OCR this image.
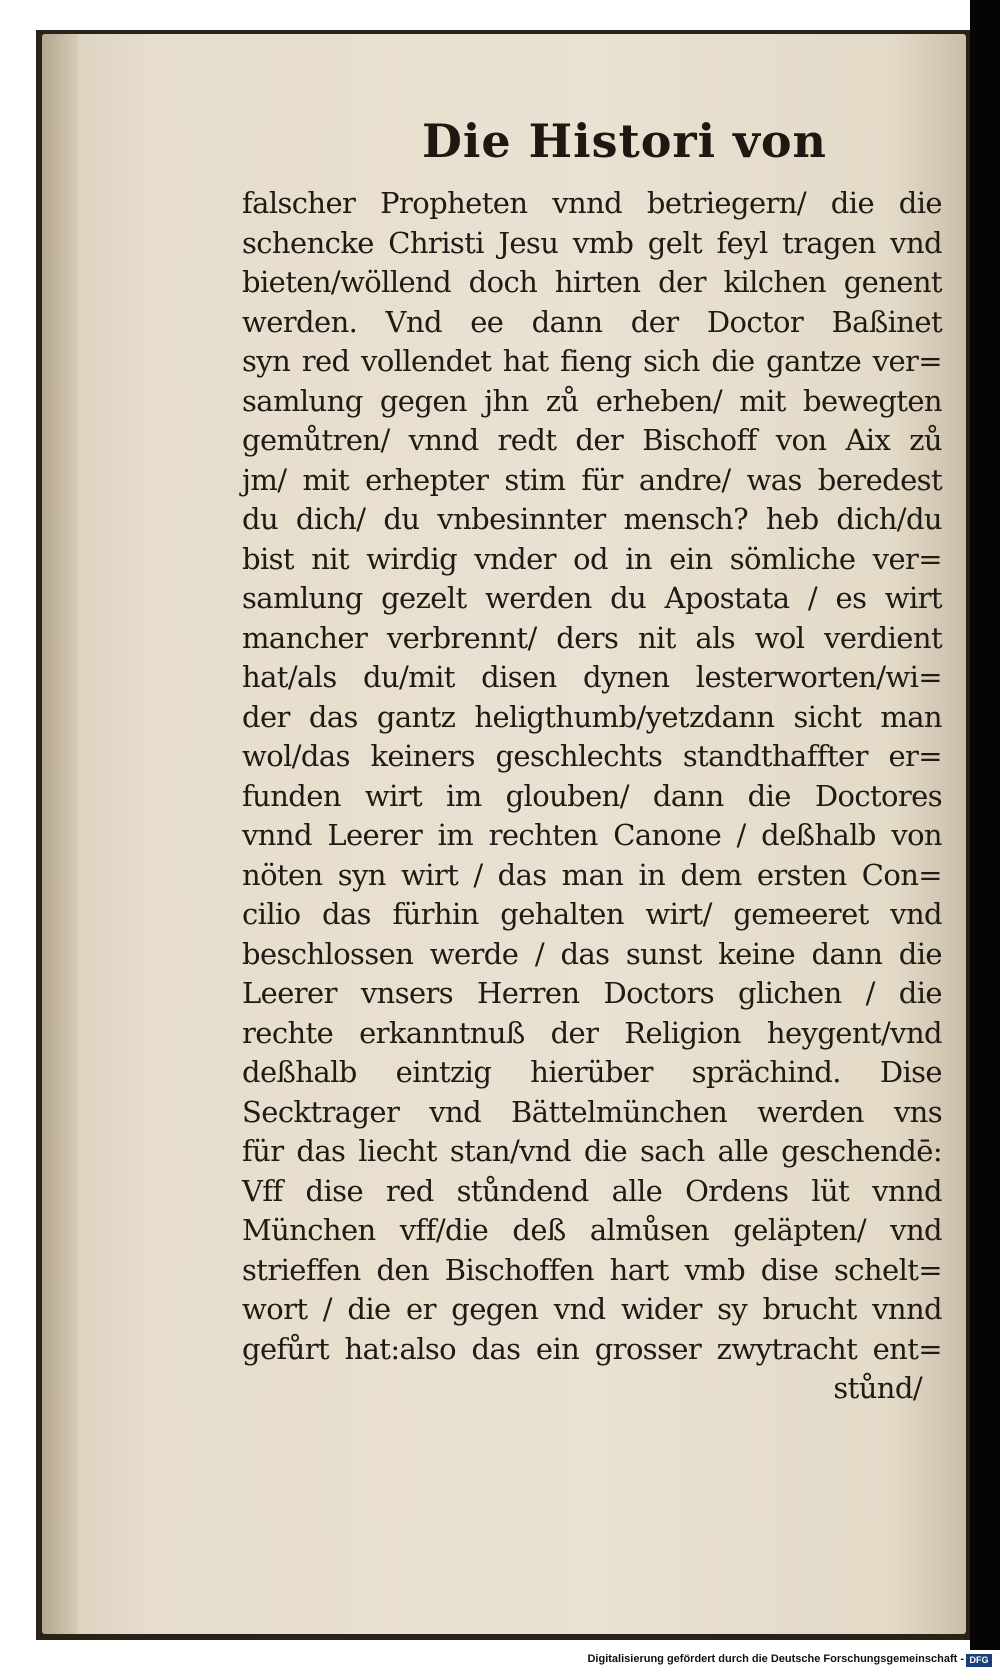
Die Histori von
falscher Propheten vnnd betriegern/ die die
schencke Christi Jesu vmb gelt feyl tragen vnd
bieten/wöllend doch hirten der kilchen genent
werden. Vnd ee dann der Doctor Baßinet
syn red vollendet hat fieng sich die gantze ver=
samlung gegen jhn zů erheben/ mit bewegten
gemůtren/ vnnd redt der Bischoff von Aix zů
jm/ mit erhepter stim für andre/ was beredest
du dich/ du vnbesinnter mensch? heb dich/du
bist nit wirdig vnder od in ein sömliche ver=
samlung gezelt werden du Apostata / es wirt
mancher verbrennt/ ders nit als wol verdient
hat/als du/mit disen dynen lesterworten/wi=
der das gantz heligthumb/yetzdann sicht man
wol/das keiners geschlechts standthaffter er=
funden wirt im glouben/ dann die Doctores
vnnd Leerer im rechten Canone / deßhalb von
nöten syn wirt / das man in dem ersten Con=
cilio das fürhin gehalten wirt/ gemeeret vnd
beschlossen werde / das sunst keine dann die
Leerer vnsers Herren Doctors glichen / die
rechte erkanntnuß der Religion heygent/vnd
deßhalb eintzig hierüber sprächind. Dise
Secktrager vnd Bättelmünchen werden vns
für das liecht stan/vnd die sach alle geschendē:
Vff dise red stůndend alle Ordens lüt vnnd
München vff/die deß almůsen geläpten/ vnd
strieffen den Bischoffen hart vmb dise schelt=
wort / die er gegen vnd wider sy brucht vnnd
gefůrt hat:also das ein grosser zwytracht ent=
stůnd/
Digitalisierung gefördert durch die Deutsche Forschungsgemeinschaft - DFG
